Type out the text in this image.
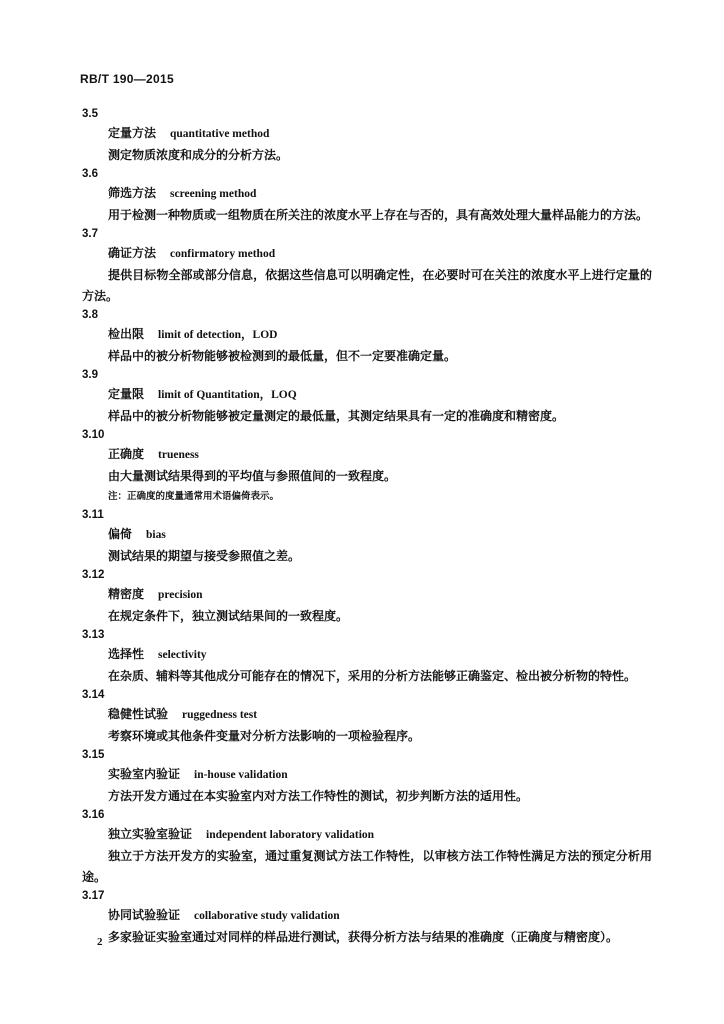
RB/T 190—2015
3.5
定量方法 quantitative method
测定物质浓度和成分的分析方法。
3.6
筛选方法 screening method
用于检测一种物质或一组物质在所关注的浓度水平上存在与否的，具有高效处理大量样品能力的方法。
3.7
确证方法 confirmatory method
提供目标物全部或部分信息，依据这些信息可以明确定性，在必要时可在关注的浓度水平上进行定量的方法。
3.8
检出限 limit of detection，LOD
样品中的被分析物能够被检测到的最低量，但不一定要准确定量。
3.9
定量限 limit of Quantitation，LOQ
样品中的被分析物能够被定量测定的最低量，其测定结果具有一定的准确度和精密度。
3.10
正确度 trueness
由大量测试结果得到的平均值与参照值间的一致程度。
注：正确度的度量通常用术语偏倚表示。
3.11
偏倚 bias
测试结果的期望与接受参照值之差。
3.12
精密度 precision
在规定条件下，独立测试结果间的一致程度。
3.13
选择性 selectivity
在杂质、辅料等其他成分可能存在的情况下，采用的分析方法能够正确鉴定、检出被分析物的特性。
3.14
稳健性试验 ruggedness test
考察环境或其他条件变量对分析方法影响的一项检验程序。
3.15
实验室内验证 in-house validation
方法开发方通过在本实验室内对方法工作特性的测试，初步判断方法的适用性。
3.16
独立实验室验证 independent laboratory validation
独立于方法开发方的实验室，通过重复测试方法工作特性，以审核方法工作特性满足方法的预定分析用途。
3.17
协同试验验证 collaborative study validation
多家验证实验室通过对同样的样品进行测试，获得分析方法与结果的准确度（正确度与精密度）。
2
